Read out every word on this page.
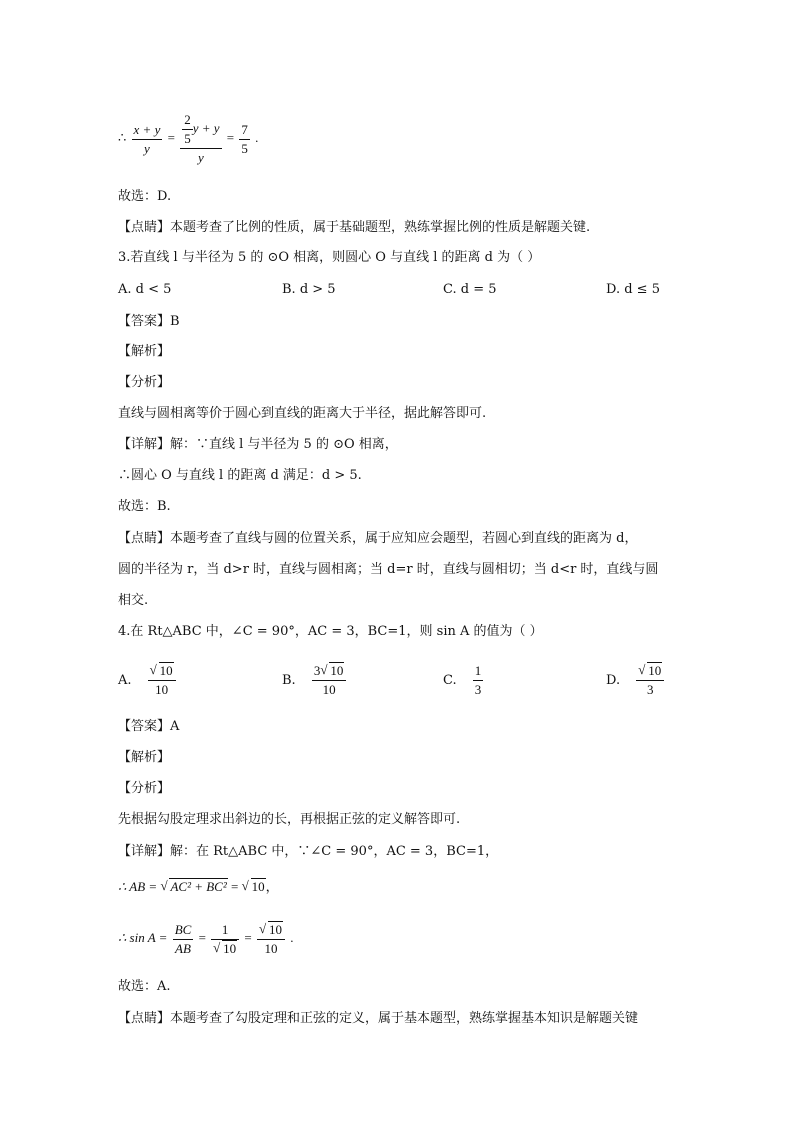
∴ $\frac{x + y}{y} = \frac{\frac{2}{5} y + y}{y} = \frac{7}{5}$ .
故选：D.
【点睛】本题考查了比例的性质，属于基础题型，熟练掌握比例的性质是解题关键.
3.若直线 l 与半径为 5 的 ⊙O 相离，则圆心 O 与直线 l 的距离 d 为（ ）
A. d < 5	B. d > 5	C. d = 5	D. d ≤ 5
【答案】B
【解析】
【分析】
直线与圆相离等价于圆心到直线的距离大于半径，据此解答即可.
【详解】解：∵直线 l 与半径为 5 的 ⊙O 相离，
∴圆心 O 与直线 l 的距离 d 满足：d > 5.
故选：B.
【点睛】本题考查了直线与圆的位置关系，属于应知应会题型，若圆心到直线的距离为 d，
圆的半径为 r，当 d>r 时，直线与圆相离；当 d=r 时，直线与圆相切；当 d<r 时，直线与圆
相交.
4.在 Rt△ABC 中，∠C = 90°，AC = 3，BC=1，则 sin A 的值为（ ）
A. √ $\frac{10}{10}$	B. $\frac{3 √ 10}{10}$	C. $\frac{1}{3}$	D. √ $\frac{10}{3}$
【答案】A
【解析】
【分析】
先根据勾股定理求出斜边的长，再根据正弦的定义解答即可.
【详解】解：在 Rt△ABC 中，∵∠C = 90°，AC = 3，BC=1，
∴ AB = √ AC² + BC² = √ 10，
∴ $\sin A = \frac{BC}{AB} = 1$
√ 10 = √ $\frac{10}{10}$ .
故选：A.
【点睛】本题考查了勾股定理和正弦的定义，属于基本题型，熟练掌握基本知识是解题关键
